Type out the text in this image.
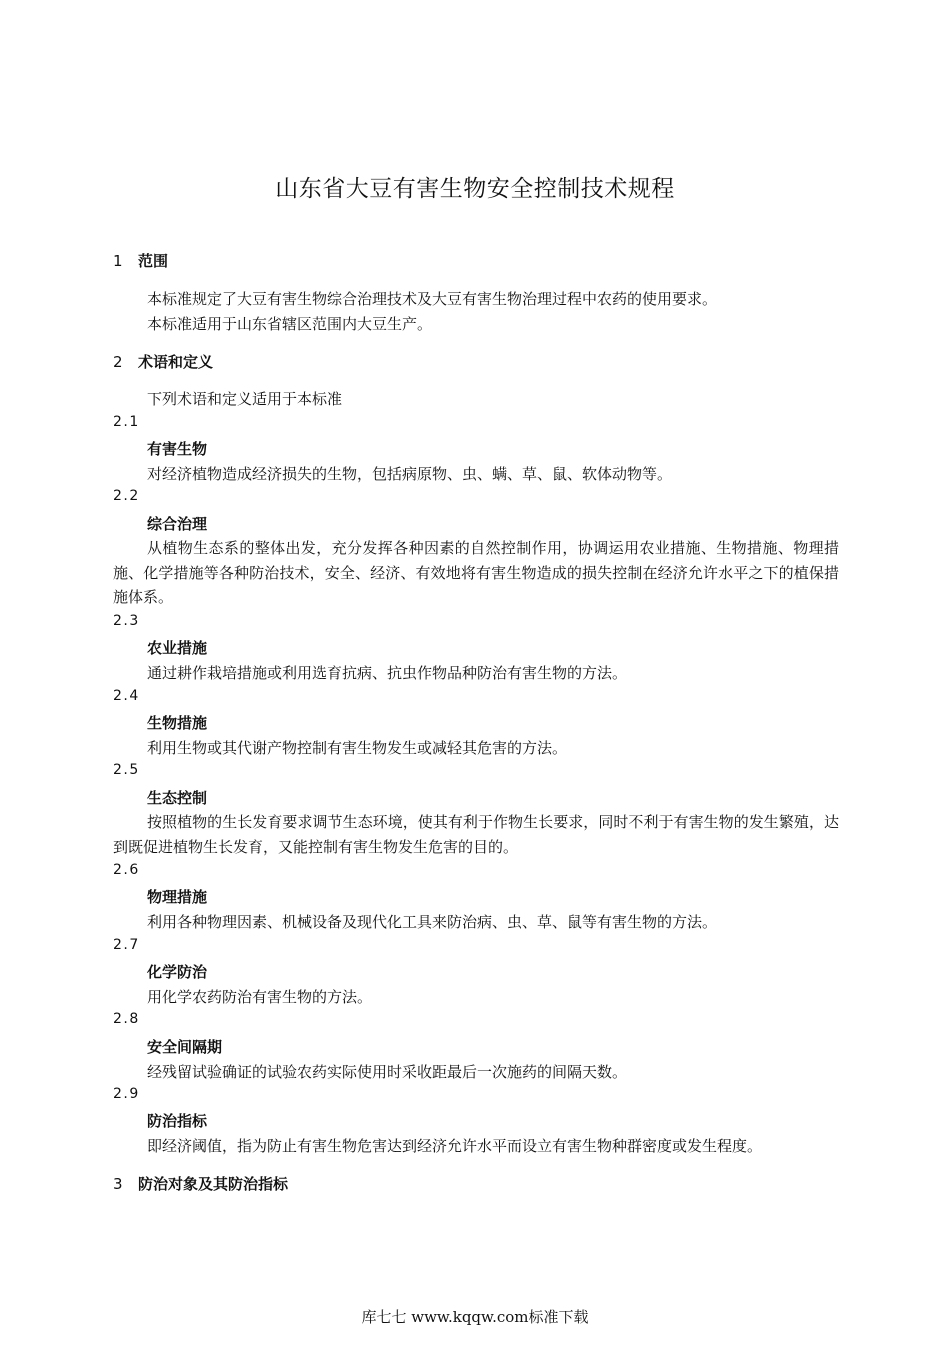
山东省大豆有害生物安全控制技术规程
1 范围
本标准规定了大豆有害生物综合治理技术及大豆有害生物治理过程中农药的使用要求。
本标准适用于山东省辖区范围内大豆生产。
2 术语和定义
下列术语和定义适用于本标准
2.1
有害生物
对经济植物造成经济损失的生物，包括病原物、虫、螨、草、鼠、软体动物等。
2.2
综合治理
从植物生态系的整体出发，充分发挥各种因素的自然控制作用，协调运用农业措施、生物措施、物理措施、化学措施等各种防治技术，安全、经济、有效地将有害生物造成的损失控制在经济允许水平之下的植保措施体系。
2.3
农业措施
通过耕作栽培措施或利用选育抗病、抗虫作物品种防治有害生物的方法。
2.4
生物措施
利用生物或其代谢产物控制有害生物发生或减轻其危害的方法。
2.5
生态控制
按照植物的生长发育要求调节生态环境，使其有利于作物生长要求，同时不利于有害生物的发生繁殖，达到既促进植物生长发育，又能控制有害生物发生危害的目的。
2.6
物理措施
利用各种物理因素、机械设备及现代化工具来防治病、虫、草、鼠等有害生物的方法。
2.7
化学防治
用化学农药防治有害生物的方法。
2.8
安全间隔期
经残留试验确证的试验农药实际使用时采收距最后一次施药的间隔天数。
2.9
防治指标
即经济阈值，指为防止有害生物危害达到经济允许水平而设立有害生物种群密度或发生程度。
3 防治对象及其防治指标
库七七 www.kqqw.com标准下载
